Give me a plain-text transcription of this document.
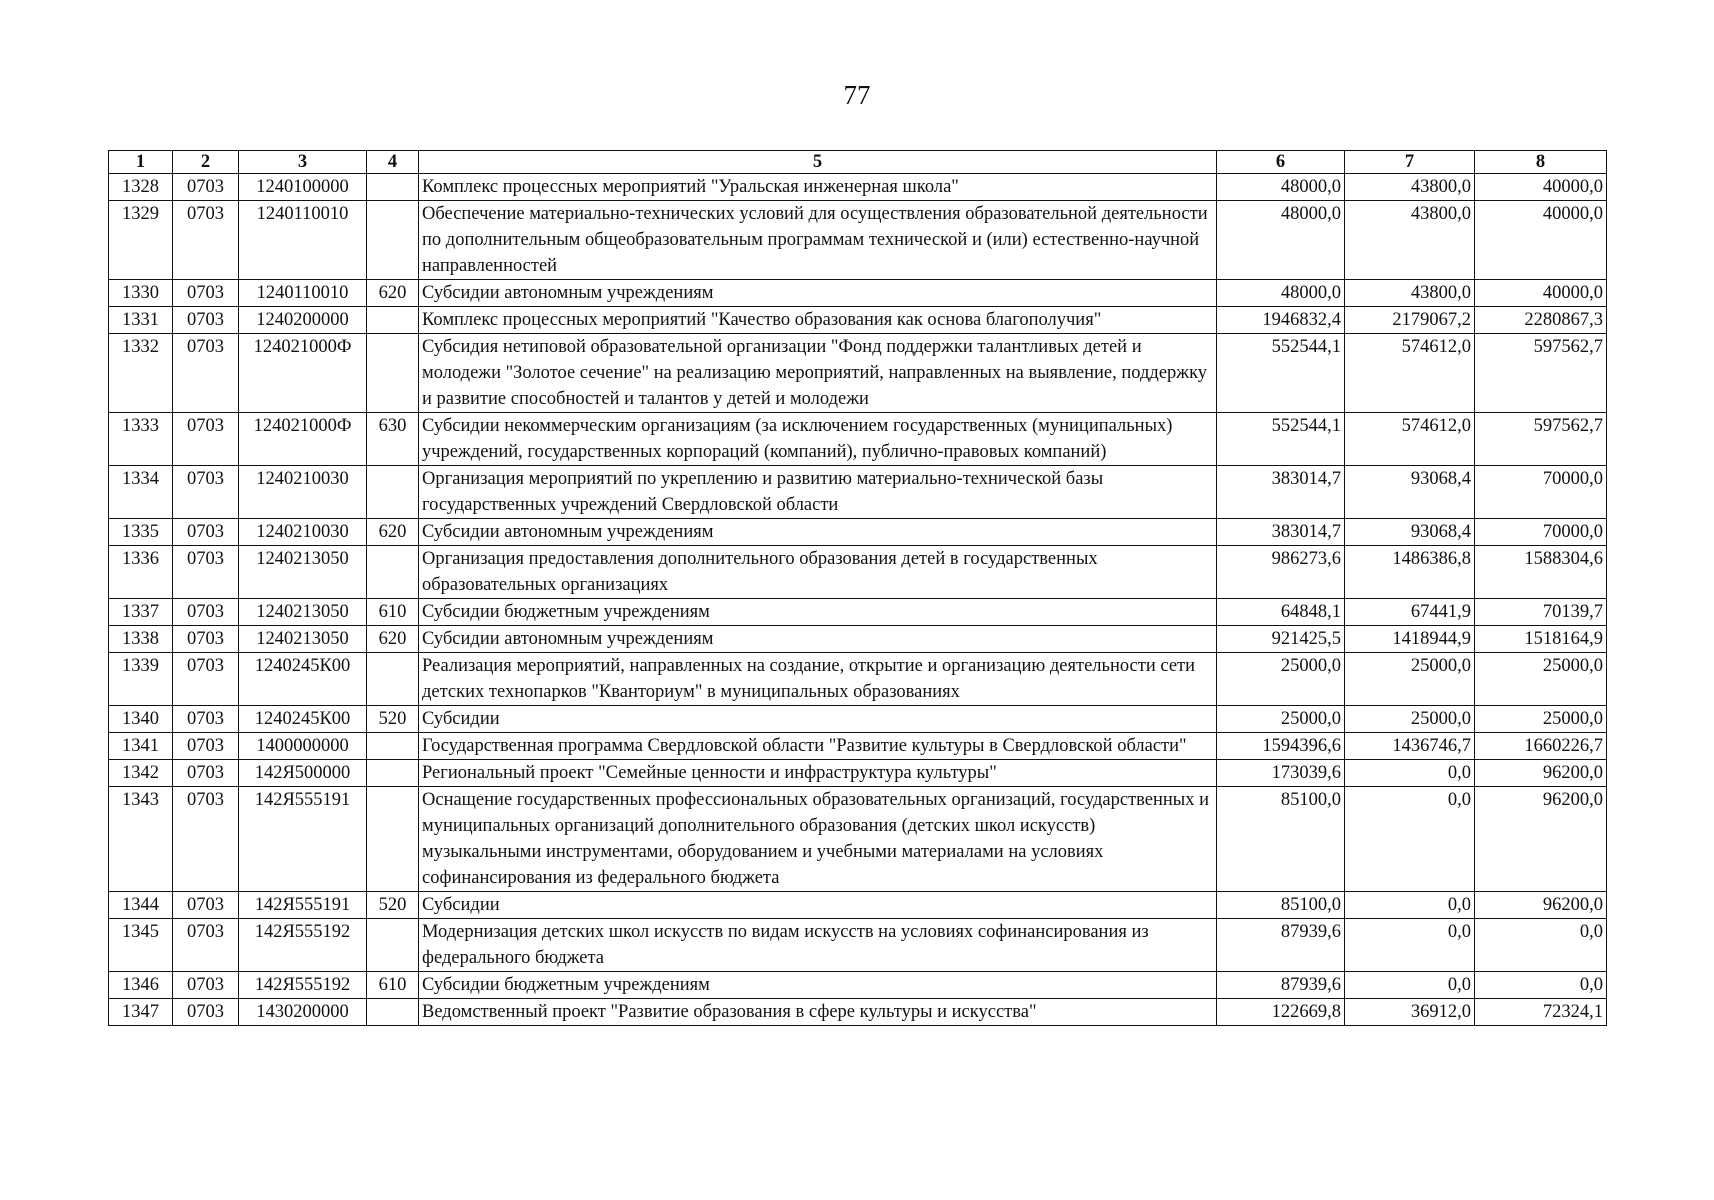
77
1	2	3	4	5	6	7	8
1328	0703	1240100000		Комплекс процессных мероприятий "Уральская инженерная школа"	48000,0	43800,0	40000,0
1329	0703	1240110010		Обеспечение материально-технических условий для осуществления образовательной деятельности по дополнительным общеобразовательным программам технической и (или) естественно-научной направленностей	48000,0	43800,0	40000,0
1330	0703	1240110010	620	Субсидии автономным учреждениям	48000,0	43800,0	40000,0
1331	0703	1240200000		Комплекс процессных мероприятий "Качество образования как основа благополучия"	1946832,4	2179067,2	2280867,3
1332	0703	124021000Ф		Субсидия нетиповой образовательной организации "Фонд поддержки талантливых детей и молодежи "Золотое сечение" на реализацию мероприятий, направленных на выявление, поддержку и развитие способностей и талантов у детей и молодежи	552544,1	574612,0	597562,7
1333	0703	124021000Ф	630	Субсидии некоммерческим организациям (за исключением государственных (муниципальных) учреждений, государственных корпораций (компаний), публично-правовых компаний)	552544,1	574612,0	597562,7
1334	0703	1240210030		Организация мероприятий по укреплению и развитию материально-технической базы государственных учреждений Свердловской области	383014,7	93068,4	70000,0
1335	0703	1240210030	620	Субсидии автономным учреждениям	383014,7	93068,4	70000,0
1336	0703	1240213050		Организация предоставления дополнительного образования детей в государственных образовательных организациях	986273,6	1486386,8	1588304,6
1337	0703	1240213050	610	Субсидии бюджетным учреждениям	64848,1	67441,9	70139,7
1338	0703	1240213050	620	Субсидии автономным учреждениям	921425,5	1418944,9	1518164,9
1339	0703	1240245К00		Реализация мероприятий, направленных на создание, открытие и организацию деятельности сети детских технопарков "Кванториум" в муниципальных образованиях	25000,0	25000,0	25000,0
1340	0703	1240245К00	520	Субсидии	25000,0	25000,0	25000,0
1341	0703	1400000000		Государственная программа Свердловской области "Развитие культуры в Свердловской области"	1594396,6	1436746,7	1660226,7
1342	0703	142Я500000		Региональный проект "Семейные ценности и инфраструктура культуры"	173039,6	0,0	96200,0
1343	0703	142Я555191		Оснащение государственных профессиональных образовательных организаций, государственных и муниципальных организаций дополнительного образования (детских школ искусств) музыкальными инструментами, оборудованием и учебными материалами на условиях софинансирования из федерального бюджета	85100,0	0,0	96200,0
1344	0703	142Я555191	520	Субсидии	85100,0	0,0	96200,0
1345	0703	142Я555192		Модернизация детских школ искусств по видам искусств на условиях софинансирования из федерального бюджета	87939,6	0,0	0,0
1346	0703	142Я555192	610	Субсидии бюджетным учреждениям	87939,6	0,0	0,0
1347	0703	1430200000		Ведомственный проект "Развитие образования в сфере культуры и искусства"	122669,8	36912,0	72324,1
